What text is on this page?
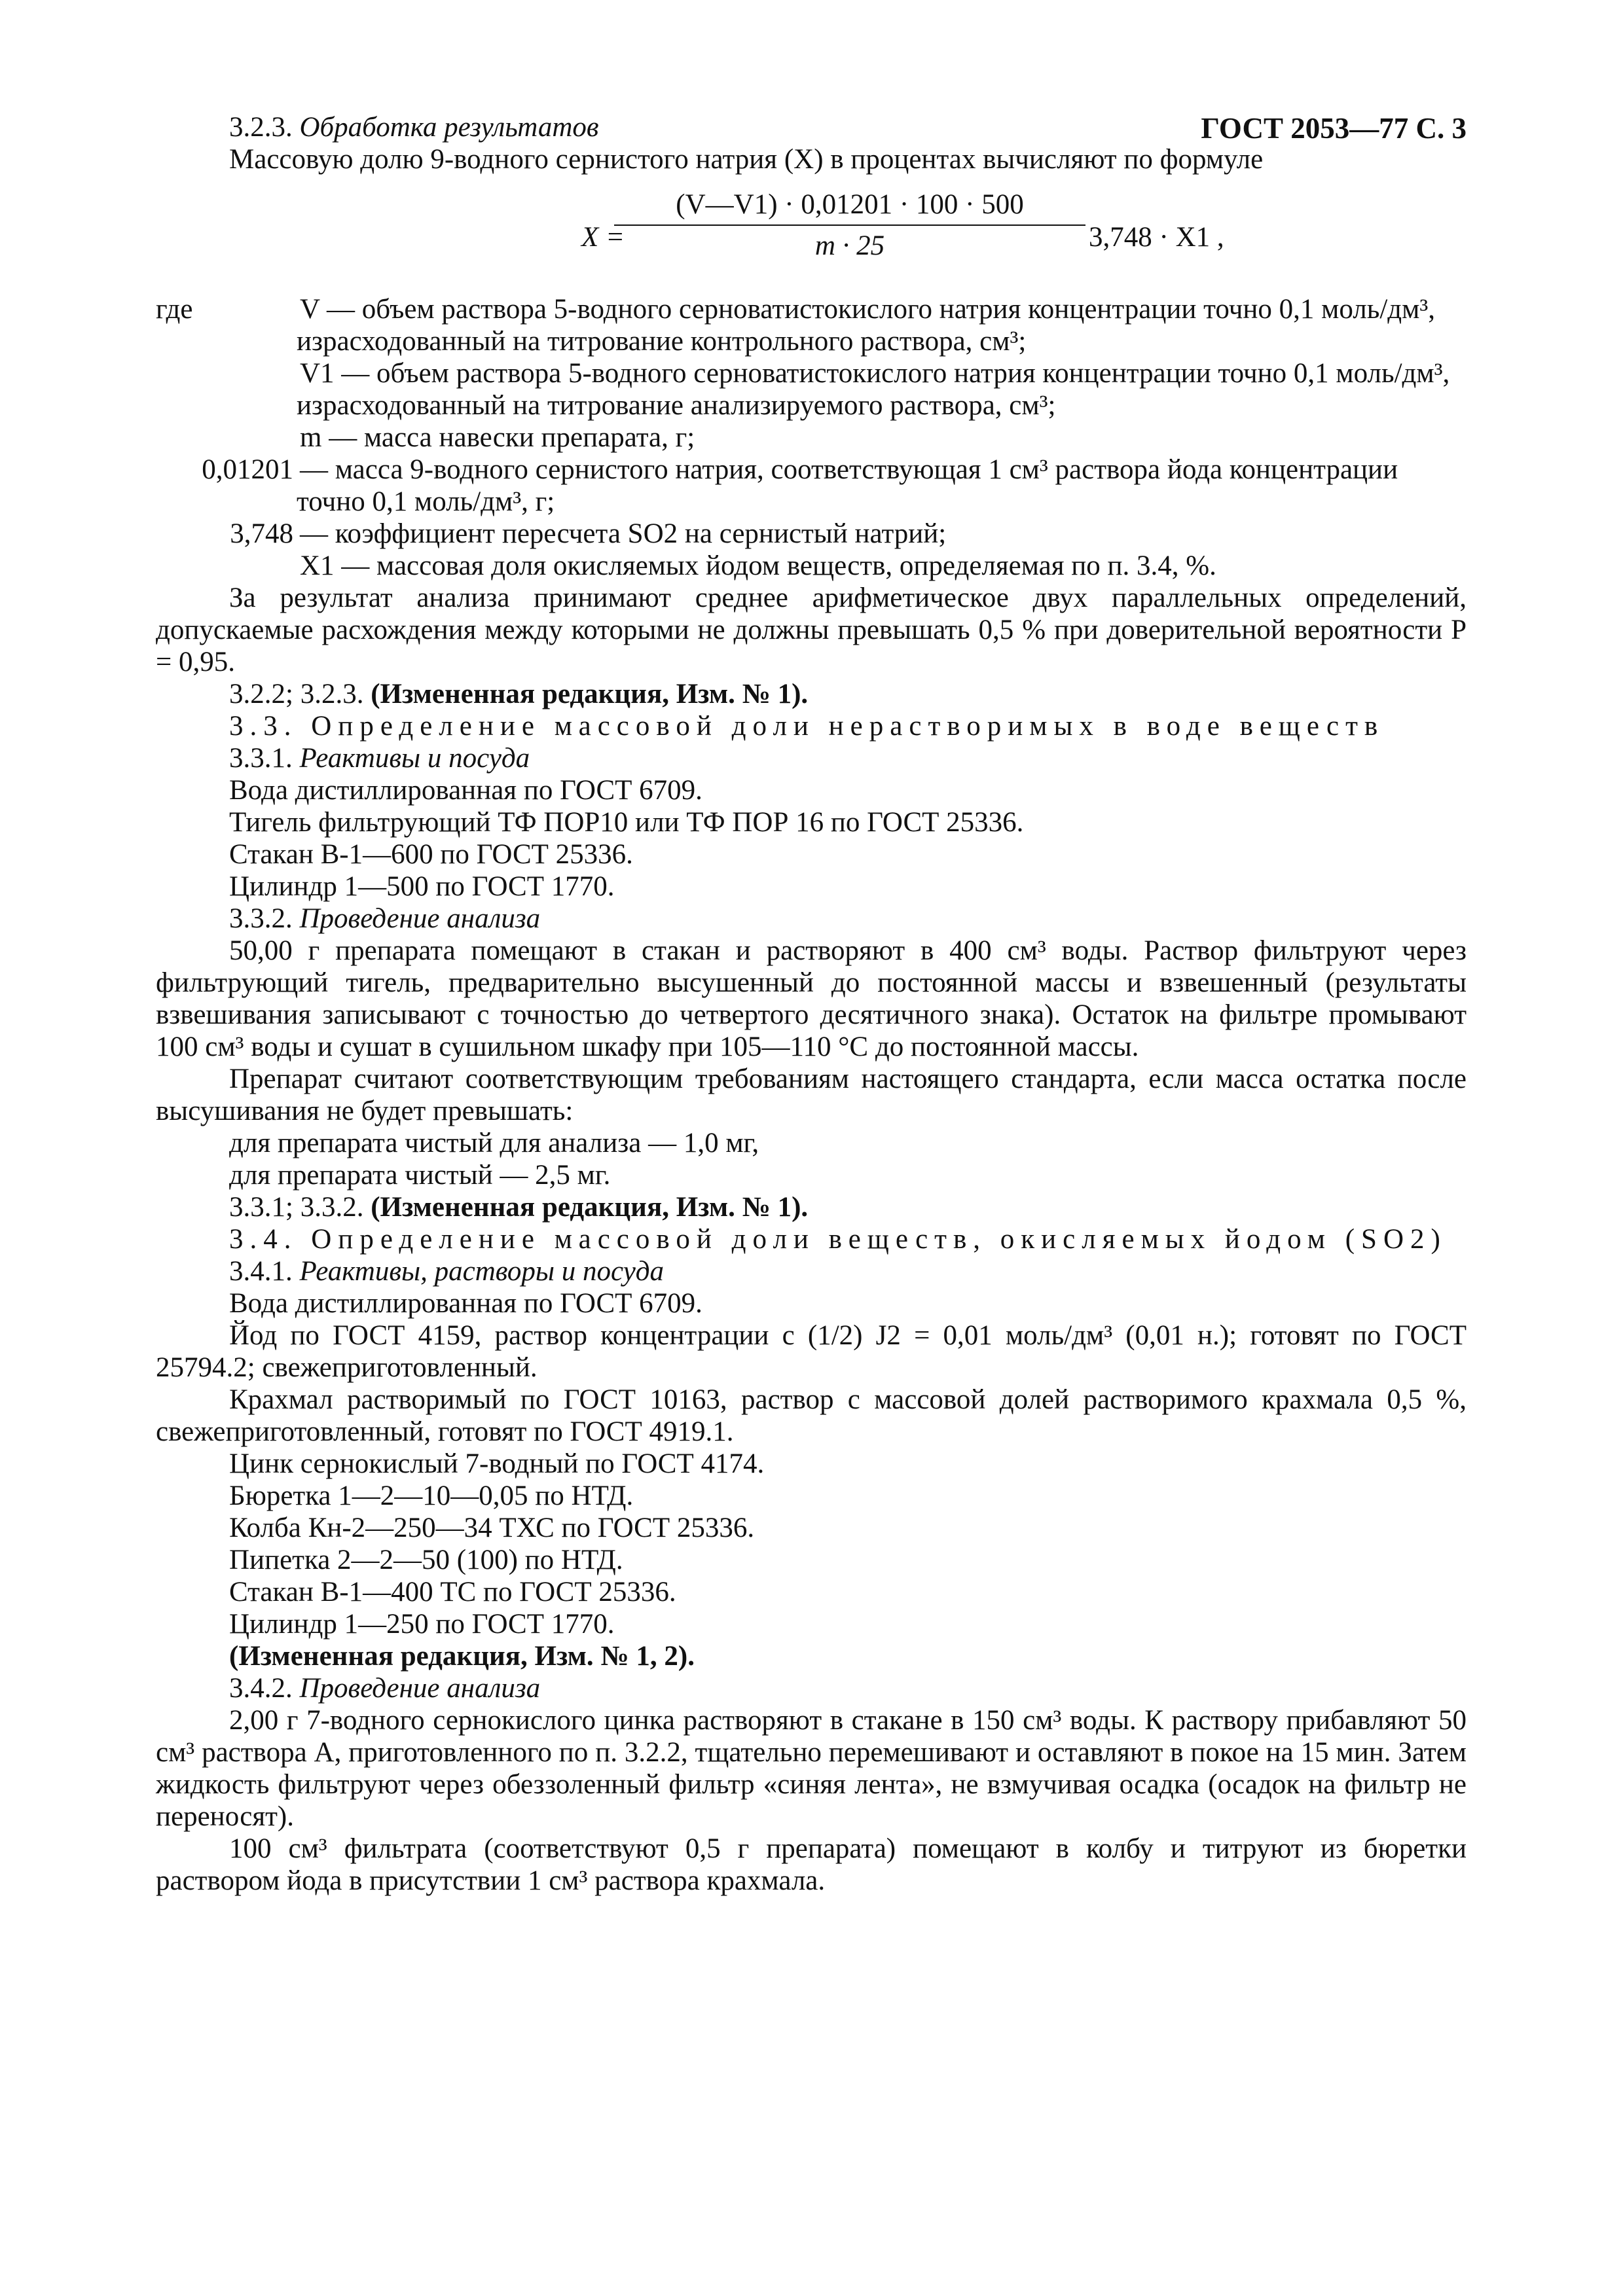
ГОСТ 2053—77 С. 3
3.2.3. Обработка результатов
Массовую долю 9-водного сернистого натрия (X) в процентах вычисляют по формуле
X =
$\frac{(V—V1) \cdot 0,01201 \cdot 100 \cdot 500}{m \cdot 25} 3,748 \cdot X1$ ,
где	V — объем раствора 5-водного серноватистокислого натрия концентрации точно 0,1 моль/дм³,
израсходованный на титрование контрольного раствора, см³;
V1 — объем раствора 5-водного серноватистокислого натрия концентрации точно 0,1 моль/дм³,
израсходованный на титрование анализируемого раствора, см³;
m — масса навески препарата, г;
0,01201 — масса 9-водного сернистого натрия, соответствующая 1 см³ раствора йода концентрации
точно 0,1 моль/дм³, г;
3,748 — коэффициент пересчета SO2 на сернистый натрий;
X1 — массовая доля окисляемых йодом веществ, определяемая по п. 3.4, %.
За результат анализа принимают среднее арифметическое двух параллельных определений, допускаемые расхождения между которыми не должны превышать 0,5 % при доверительной вероятности P = 0,95.
3.2.2; 3.2.3. (Измененная редакция, Изм. № 1).
3.3. Определение массовой доли нерастворимых в воде веществ
3.3.1. Реактивы и посуда
Вода дистиллированная по ГОСТ 6709.
Тигель фильтрующий ТФ ПОР10 или ТФ ПОР 16 по ГОСТ 25336.
Стакан В-1—600 по ГОСТ 25336.
Цилиндр 1—500 по ГОСТ 1770.
3.3.2. Проведение анализа
50,00 г препарата помещают в стакан и растворяют в 400 см³ воды. Раствор фильтруют через фильтрующий тигель, предварительно высушенный до постоянной массы и взвешенный (результаты взвешивания записывают с точностью до четвертого десятичного знака). Остаток на фильтре промывают 100 см³ воды и сушат в сушильном шкафу при 105—110 °С до постоянной массы.
Препарат считают соответствующим требованиям настоящего стандарта, если масса остатка после высушивания не будет превышать:
для препарата чистый для анализа — 1,0 мг,
для препарата чистый — 2,5 мг.
3.3.1; 3.3.2. (Измененная редакция, Изм. № 1).
3.4. Определение массовой доли веществ, окисляемых йодом (SO2)
3.4.1. Реактивы, растворы и посуда
Вода дистиллированная по ГОСТ 6709.
Йод по ГОСТ 4159, раствор концентрации с (1/2) J2 = 0,01 моль/дм³ (0,01 н.); готовят по ГОСТ 25794.2; свежеприготовленный.
Крахмал растворимый по ГОСТ 10163, раствор с массовой долей растворимого крахмала 0,5 %, свежеприготовленный, готовят по ГОСТ 4919.1.
Цинк сернокислый 7-водный по ГОСТ 4174.
Бюретка 1—2—10—0,05 по НТД.
Колба Кн-2—250—34 ТХС по ГОСТ 25336.
Пипетка 2—2—50 (100) по НТД.
Стакан В-1—400 ТС по ГОСТ 25336.
Цилиндр 1—250 по ГОСТ 1770.
(Измененная редакция, Изм. № 1, 2).
3.4.2. Проведение анализа
2,00 г 7-водного сернокислого цинка растворяют в стакане в 150 см³ воды. К раствору прибавляют 50 см³ раствора А, приготовленного по п. 3.2.2, тщательно перемешивают и оставляют в покое на 15 мин. Затем жидкость фильтруют через обеззоленный фильтр «синяя лента», не взмучивая осадка (осадок на фильтр не переносят).
100 см³ фильтрата (соответствуют 0,5 г препарата) помещают в колбу и титруют из бюретки раствором йода в присутствии 1 см³ раствора крахмала.
